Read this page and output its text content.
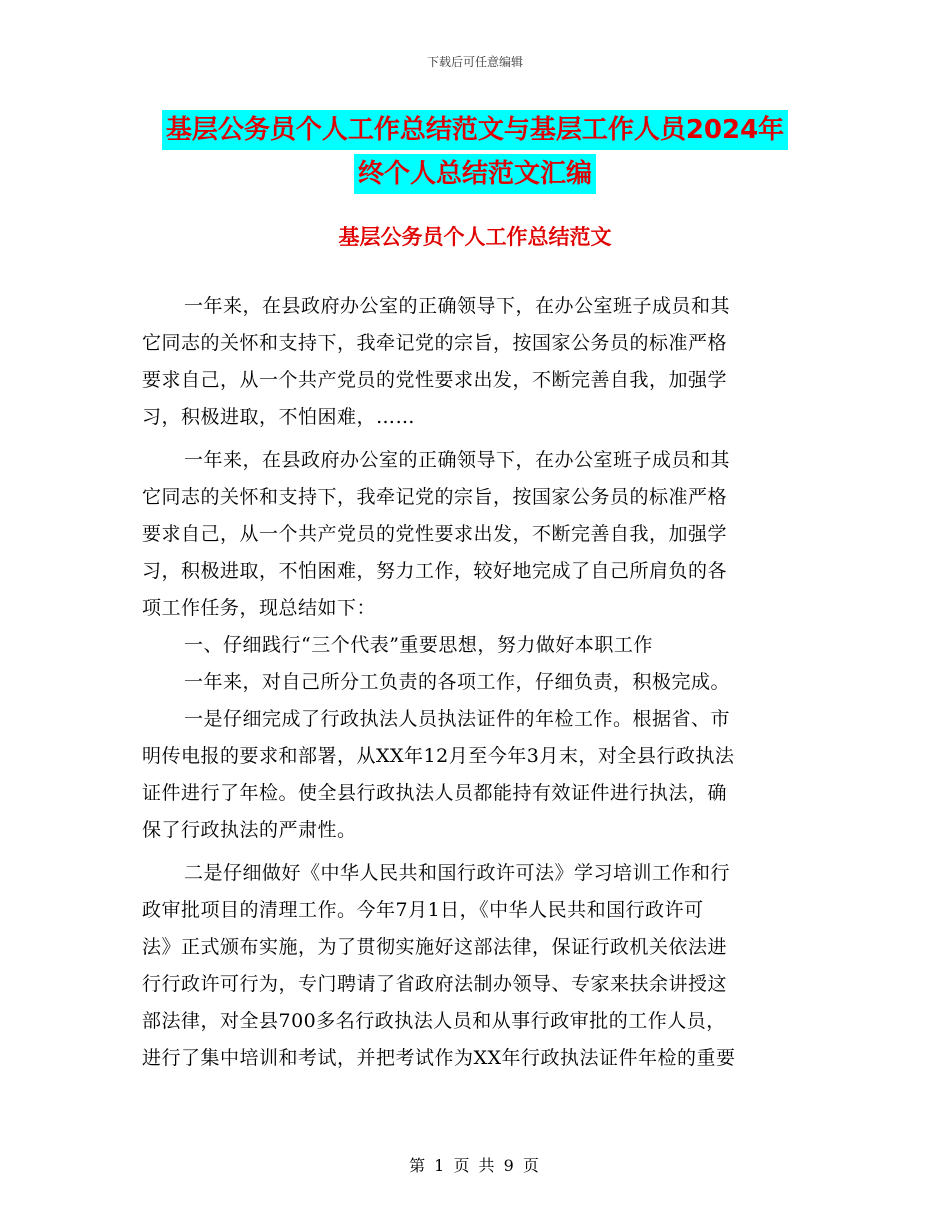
下载后可任意编辑
基层公务员个人工作总结范文与基层工作人员2024年
终个人总结范文汇编
基层公务员个人工作总结范文
一年来，在县政府办公室的正确领导下，在办公室班子成员和其
它同志的关怀和支持下，我牵记党的宗旨，按国家公务员的标准严格
要求自己，从一个共产党员的党性要求出发，不断完善自我，加强学
习，积极进取，不怕困难，……
一年来，在县政府办公室的正确领导下，在办公室班子成员和其
它同志的关怀和支持下，我牵记党的宗旨，按国家公务员的标准严格
要求自己，从一个共产党员的党性要求出发，不断完善自我，加强学
习，积极进取，不怕困难，努力工作，较好地完成了自己所肩负的各
项工作任务，现总结如下：
一、仔细践行“三个代表”重要思想，努力做好本职工作
一年来，对自己所分工负责的各项工作，仔细负责，积极完成。
一是仔细完成了行政执法人员执法证件的年检工作。根据省、市
明传电报的要求和部署，从XX年12月至今年3月末，对全县行政执法
证件进行了年检。使全县行政执法人员都能持有效证件进行执法，确
保了行政执法的严肃性。
二是仔细做好《中华人民共和国行政许可法》学习培训工作和行
政审批项目的清理工作。今年7月1日，《中华人民共和国行政许可
法》正式颁布实施，为了贯彻实施好这部法律，保证行政机关依法进
行行政许可行为，专门聘请了省政府法制办领导、专家来扶余讲授这
部法律，对全县700多名行政执法人员和从事行政审批的工作人员，
进行了集中培训和考试，并把考试作为XX年行政执法证件年检的重要
第 1 页 共 9 页
